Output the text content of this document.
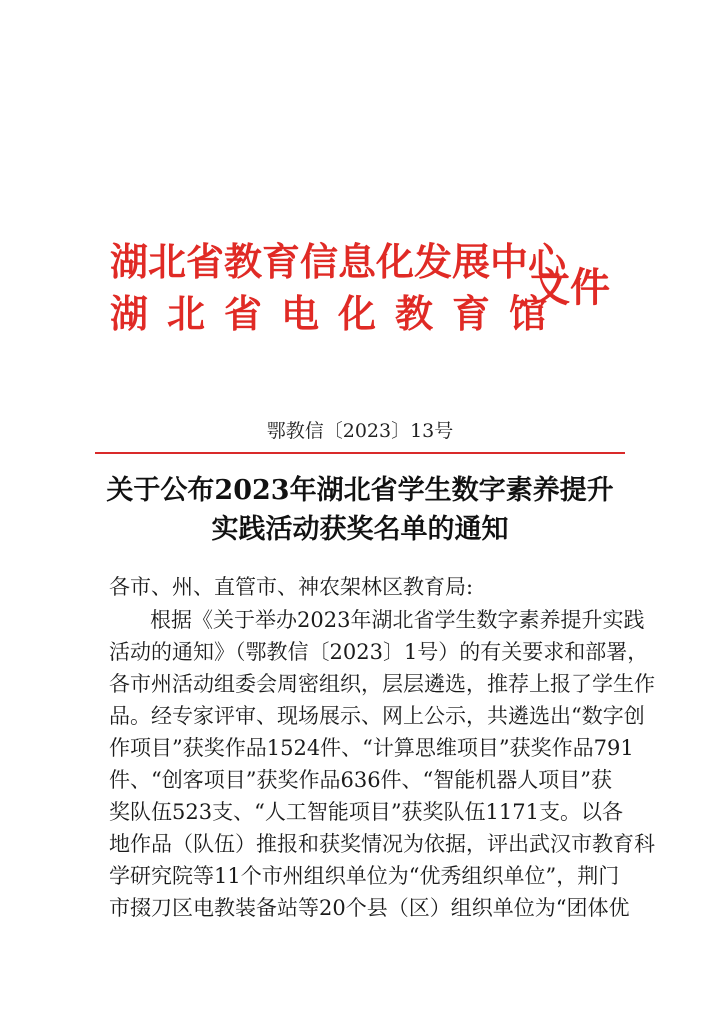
湖北省教育信息化发展中心
湖北省电化教育馆
文件
鄂教信〔2023〕13号
关于公布2023年湖北省学生数字素养提升
实践活动获奖名单的通知
各市、州、直管市、神农架林区教育局:
根据《关于举办2023年湖北省学生数字素养提升实践
活动的通知》（鄂教信〔2023〕1号）的有关要求和部署，
各市州活动组委会周密组织，层层遴选，推荐上报了学生作
品。经专家评审、现场展示、网上公示，共遴选出“数字创
作项目”获奖作品1524件、“计算思维项目”获奖作品791
件、“创客项目”获奖作品636件、“智能机器人项目”获
奖队伍523支、“人工智能项目”获奖队伍1171支。以各
地作品（队伍）推报和获奖情况为依据，评出武汉市教育科
学研究院等11个市州组织单位为“优秀组织单位”，荆门
市掇刀区电教装备站等20个县（区）组织单位为“团体优
